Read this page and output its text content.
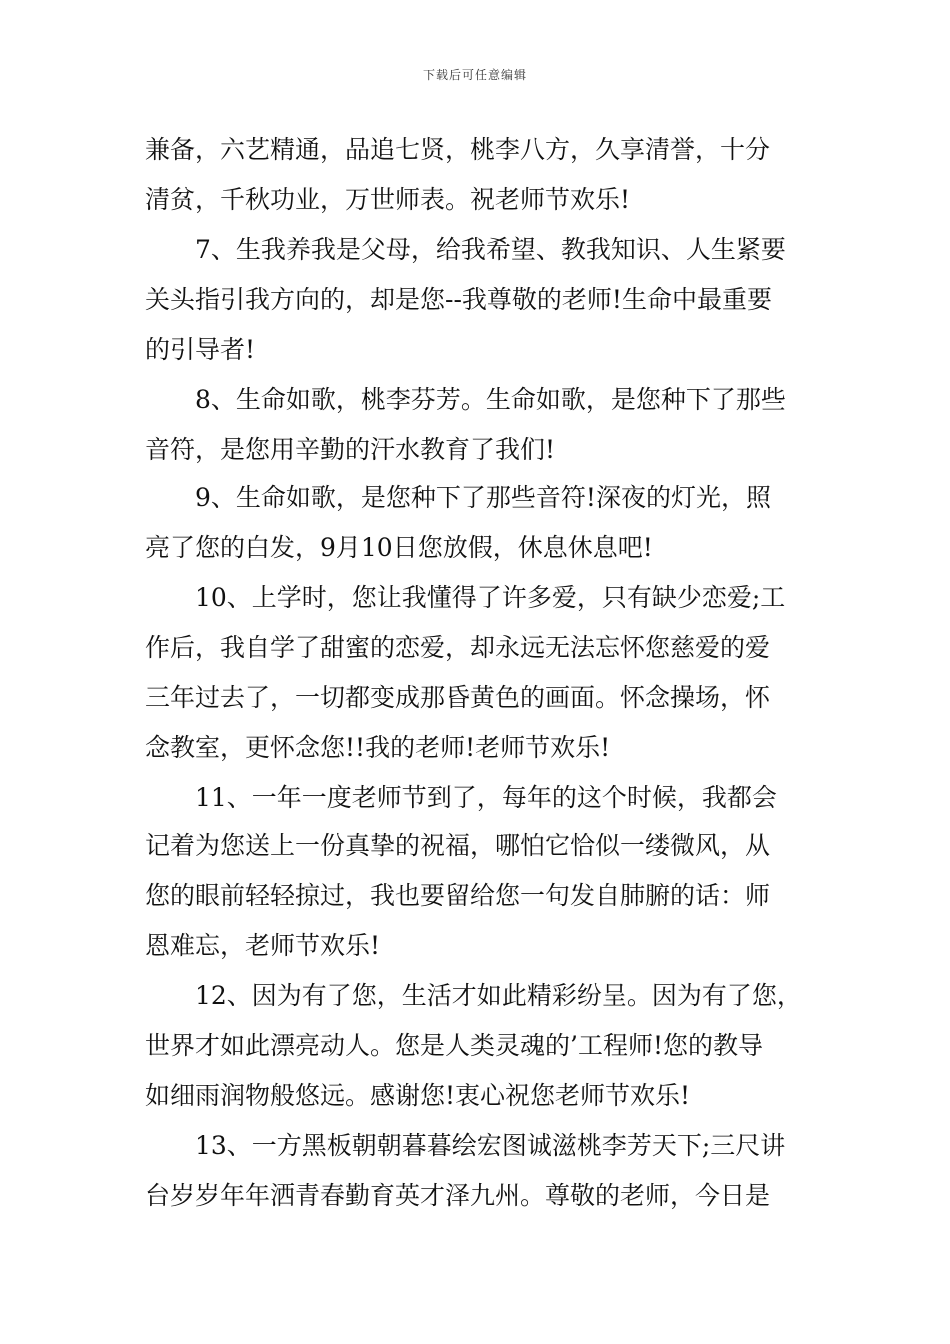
下载后可任意编辑
兼备，六艺精通，品追七贤，桃李八方，久享清誉，十分
清贫，千秋功业，万世师表。祝老师节欢乐!
7、生我养我是父母，给我希望、教我知识、人生紧要
关头指引我方向的，却是您--我尊敬的老师!生命中最重要
的引导者!
8、生命如歌，桃李芬芳。生命如歌，是您种下了那些
音符，是您用辛勤的汗水教育了我们!
9、生命如歌，是您种下了那些音符!深夜的灯光，照
亮了您的白发，9月10日您放假，休息休息吧!
10、上学时，您让我懂得了许多爱，只有缺少恋爱;工
作后，我自学了甜蜜的恋爱，却永远无法忘怀您慈爱的爱
三年过去了，一切都变成那昏黄色的画面。怀念操场，怀
念教室，更怀念您!!我的老师!老师节欢乐!
11、一年一度老师节到了，每年的这个时候，我都会
记着为您送上一份真挚的祝福，哪怕它恰似一缕微风，从
您的眼前轻轻掠过，我也要留给您一句发自肺腑的话：师
恩难忘，老师节欢乐!
12、因为有了您，生活才如此精彩纷呈。因为有了您，
世界才如此漂亮动人。您是人类灵魂的’工程师!您的教导
如细雨润物般悠远。感谢您!衷心祝您老师节欢乐!
13、一方黑板朝朝暮暮绘宏图诚滋桃李芳天下;三尺讲
台岁岁年年洒青春勤育英才泽九州。尊敬的老师，今日是
